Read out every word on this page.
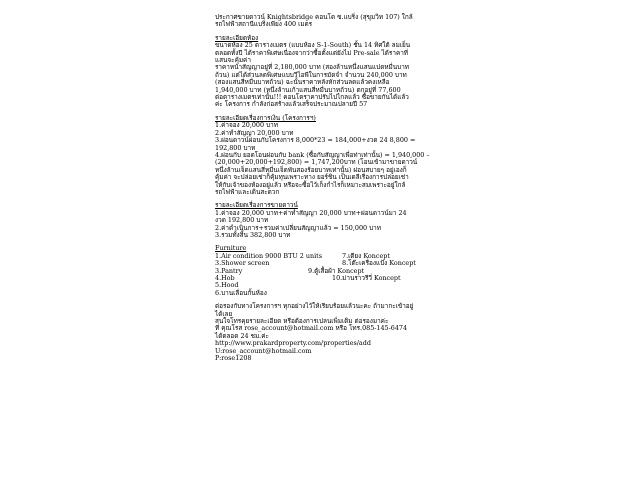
ประกาศขายดาวน์ Knightsbridge คอนโด ซ.แบริ่ง (สุขุมวิท 107) ใกล้
รถไฟฟ้าสถานีแบริ่งเพียง 400 เมตร
รายละเอียดห้อง
ขนาดห้อง 25 ตารางเมตร (แบบห้อง S-1-South) ชั้น 14 ทิศใต้ ลมเย็น
ตลอดทั้งปี ได้ราคาพิเศษเนื่องจากว่าซื้อตั้งแต่ยังไม่ Pre-sale ได้ราคาที่
แสนจะคุ้มค่า
ราคาหน้าสัญญาอยู่ที่ 2,180,000 บาท (สองล้านหนึ่งแสนแปดหมื่นบาท
ถ้วน) แต่ได้ส่วนลดพิเศษแบบวีไอพีในการมัดจำ จำนวน 240,000 บาท
(สองแสนสี่หมื่นบาทถ้วน) ฉะนั้นราคาหลังหักส่วนลดแล้วคงเหลือ
1,940,000 บาท (หนึ่งล้านเก้าแสนสี่หมื่นบาทถ้วน) ตกอยู่ที่ 77,600
ต่อตารางเมตรเท่านั้น!!! คอนโดราคาปรับไปไกลแล้ว ซื้อขายกันได้แล้ว
ค่ะ โครงการ กำลังก่อสร้างแล้วเสร็จประมาณปลายปี 57
รายละเอียดเรื่องการเงิน (โครงการฯ)
1.ค่าจอง 20,000 บาท
2.ค่าทำสัญญา 20,000 บาท
3.ผ่อนดาวน์ผ่อนกับโครงการ 8,000*23 = 184,000+งวด 24 8,800 =
192,800 บาท
4.ผ่อนกับ ยอดโอนผ่อนกับ bank (ซื้อกับสัญญาเพื่อท่าเท่านั้น) = 1,940,000 –
(20,000+20,000+192,800) = 1,747,200บาท (โอนเข้ามาขายดาวน์
หนึ่งล้านเจ็ดแสนสี่หมื่นเจ็ดพันสองร้อยบาทเท่านั้น) ผ่อนสบายๆ อยู่เองก็
คุ้มค่า จะปล่อยเช่าก็คุ้มทุนเพราะทาง ยอร์ชิน เป็นเดลีเรื่องการปล่อยเช่า
ให้กับเจ้าของห้องอยู่แล้ว หรือจะซื้อไว้เก็งกำไรก็เหมาะสมเพราะอยู่ใกล้
รถไฟฟ้าและเดินสะดวก
รายละเอียดเรื่องการขายดาวน์
1.ค่าจอง 20,000 บาท+ค่าทำสัญญา 20,000 บาท+ผ่อนดาวน์มา 24
งวด 192,800 บาท
2.ค่าดำเนินการ+รวมค่าเปลี่ยนสัญญาแล้ว = 150,000 บาท
3.รวมทั้งสิ้น 382,800 บาท
Furniture
1.Air condition 9000 BTU 2 units	7.เตียง Koncept
3.Shower screen	8.โต๊ะเครื่องแป้ง Koncept
3.Pantry	9.ตู้เสื้อผ้า Koncept
4.Hob	10.ม่านราวรีวี่ Koncept
5.Hood
6.บานเลื่อนกั้นห้อง
ต่อรองกับทางโครงการฯ ทุกอย่างไว้ให้เรียบร้อยแล้วนะคะ ถ้ามากะเข้าอยู่
ได้เลย
สนใจโทรคุยรายละเอียด หรือต้องการเปลนเพิ่มเติม ต่อรองมาค่ะ
ที่ คุณโรส rose_account@hotmail.com หรือ โทร.085-145-6474
ได้ตลอด 24 ชม.ค่ะ
http://www.prakardproperty.com/properties/add
U:rose_account@hotmail.com
P:rose1208
